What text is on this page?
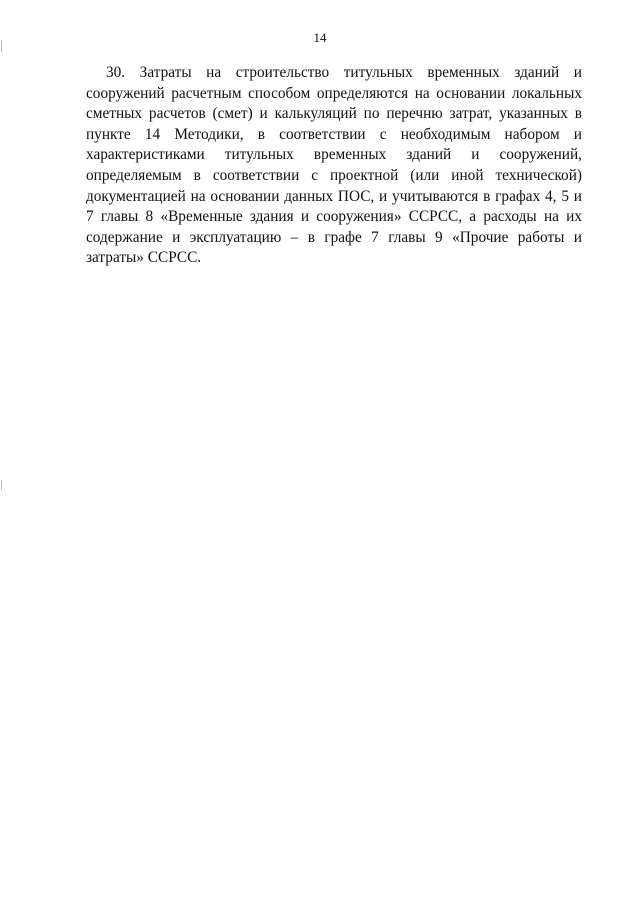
14

30. Затраты на строительство титульных временных зданий и сооружений расчетным способом определяются на основании локальных сметных расчетов (смет) и калькуляций по перечню затрат, указанных в пункте 14 Методики, в соответствии с необходимым набором и характеристиками титульных временных зданий и сооружений, определяемым в соответствии с проектной (или иной технической) документацией на основании данных ПОС, и учитываются в графах 4, 5 и 7 главы 8 «Временные здания и сооружения» ССРСС, а расходы на их содержание и эксплуатацию – в графе 7 главы 9 «Прочие работы и затраты» ССРСС.
